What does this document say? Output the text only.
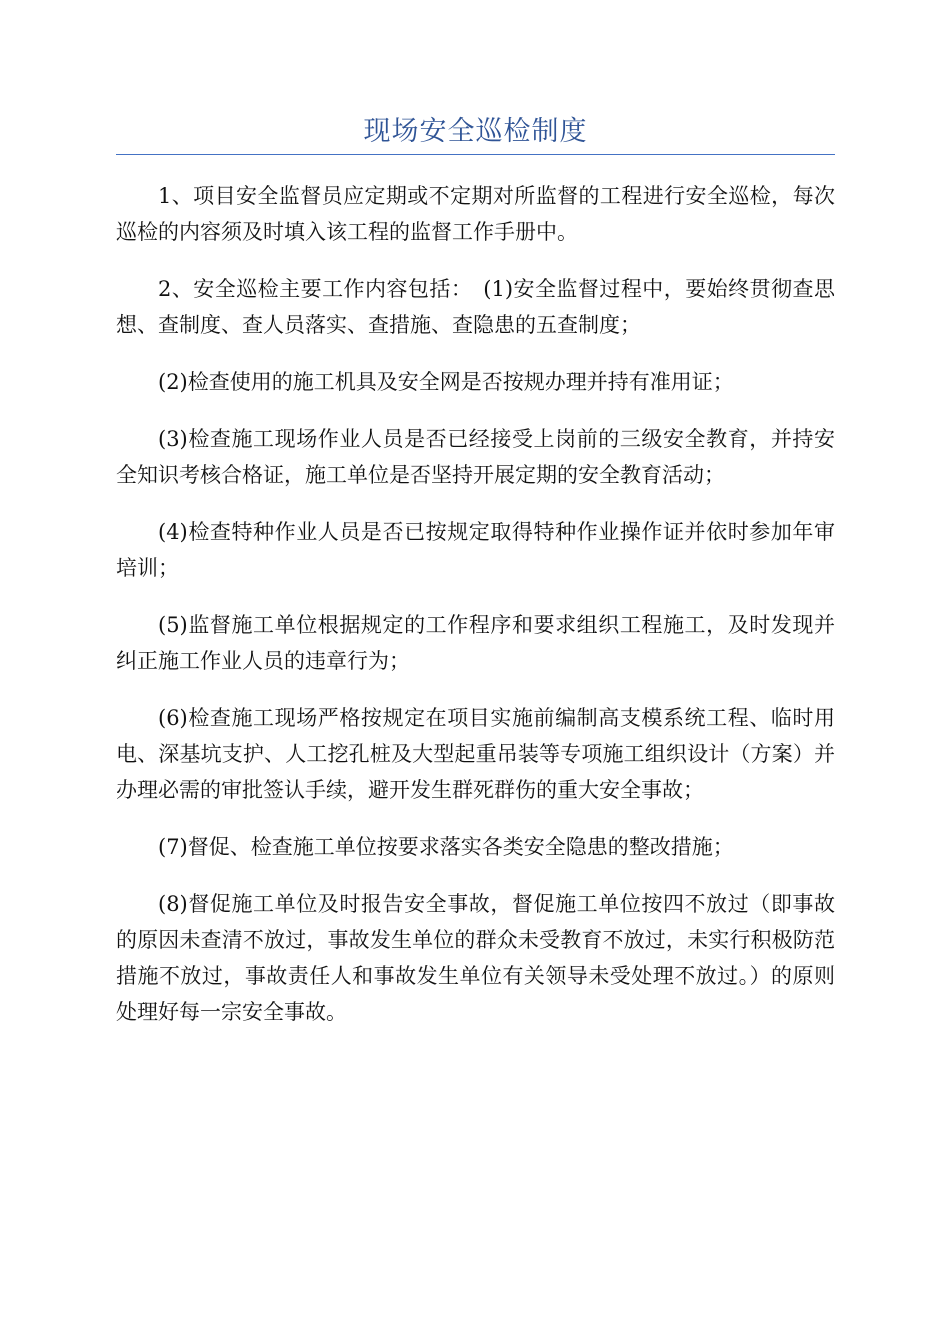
现场安全巡检制度

1、项目安全监督员应定期或不定期对所监督的工程进行安全巡检，每次巡检的内容须及时填入该工程的监督工作手册中。

2、安全巡检主要工作内容包括：　(1)安全监督过程中，要始终贯彻查思想、查制度、查人员落实、查措施、查隐患的五查制度；

(2)检查使用的施工机具及安全网是否按规办理并持有准用证；

(3)检查施工现场作业人员是否已经接受上岗前的三级安全教育，并持安全知识考核合格证，施工单位是否坚持开展定期的安全教育活动；

(4)检查特种作业人员是否已按规定取得特种作业操作证并依时参加年审培训；

(5)监督施工单位根据规定的工作程序和要求组织工程施工，及时发现并纠正施工作业人员的违章行为；

(6)检查施工现场严格按规定在项目实施前编制高支模系统工程、临时用电、深基坑支护、人工挖孔桩及大型起重吊装等专项施工组织设计（方案）并办理必需的审批签认手续，避开发生群死群伤的重大安全事故；

(7)督促、检查施工单位按要求落实各类安全隐患的整改措施；

(8)督促施工单位及时报告安全事故，督促施工单位按四不放过（即事故的原因未查清不放过，事故发生单位的群众未受教育不放过，未实行积极防范措施不放过，事故责任人和事故发生单位有关领导未受处理不放过。）的原则处理好每一宗安全事故。
